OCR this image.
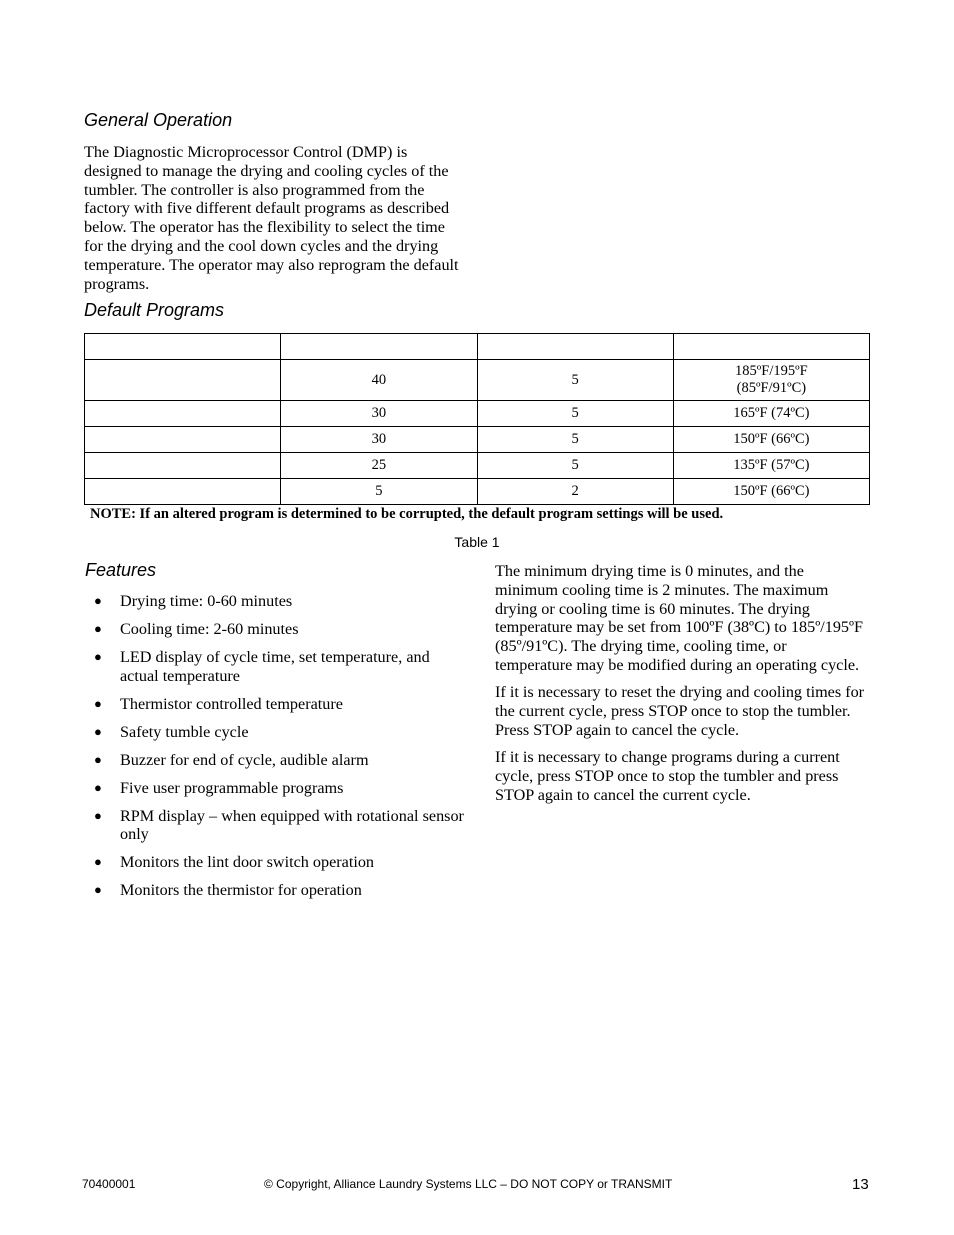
General Operation

The Diagnostic Microprocessor Control (DMP) is designed to manage the drying and cooling cycles of the tumbler. The controller is also programmed from the factory with five different default programs as described below. The operator has the flexibility to select the time for the drying and the cool down cycles and the drying temperature. The operator may also reprogram the default programs.

Default Programs

	40	5	185ºF/195ºF
(85ºF/91ºC)
	30	5	165ºF (74ºC)
	30	5	150ºF (66ºC)
	25	5	135ºF (57ºC)
	5	2	150ºF (66ºC)

NOTE: If an altered program is determined to be corrupted, the default program settings will be used.

Table 1

Features
● Drying time: 0-60 minutes
● Cooling time: 2-60 minutes
● LED display of cycle time, set temperature, and actual temperature
● Thermistor controlled temperature
● Safety tumble cycle
● Buzzer for end of cycle, audible alarm
● Five user programmable programs
● RPM display – when equipped with rotational sensor only
● Monitors the lint door switch operation
● Monitors the thermistor for operation

The minimum drying time is 0 minutes, and the minimum cooling time is 2 minutes. The maximum drying or cooling time is 60 minutes. The drying temperature may be set from 100ºF (38ºC) to 185º/195ºF (85º/91ºC). The drying time, cooling time, or temperature may be modified during an operating cycle.

If it is necessary to reset the drying and cooling times for the current cycle, press STOP once to stop the tumbler. Press STOP again to cancel the cycle.

If it is necessary to change programs during a current cycle, press STOP once to stop the tumbler and press STOP again to cancel the current cycle.

70400001	© Copyright, Alliance Laundry Systems LLC – DO NOT COPY or TRANSMIT	13
